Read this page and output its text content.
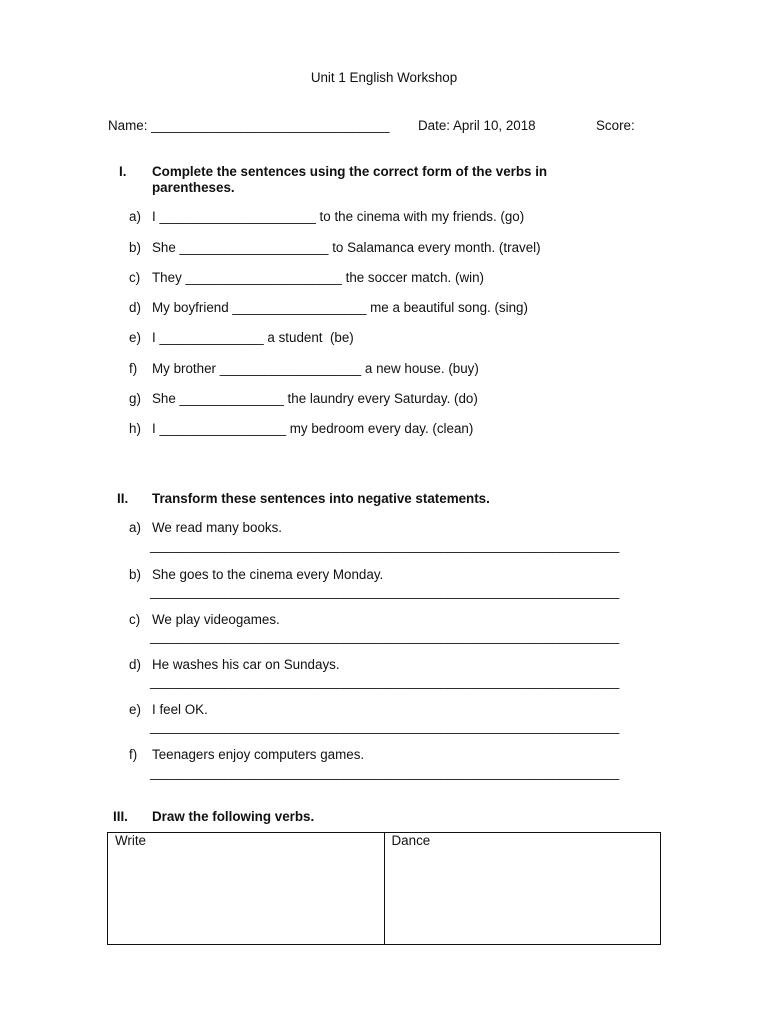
Unit 1 English Workshop
Name: ________________________________ Date: April 10, 2018	Score:
I. Complete the sentences using the correct form of the verbs in
parentheses.
a) I _____________________ to the cinema with my friends. (go)
b) She ____________________ to Salamanca every month. (travel)
c) They _____________________ the soccer match. (win)
d) My boyfriend __________________ me a beautiful song. (sing)
e) I ______________ a student  (be)
f) My brother ___________________ a new house. (buy)
g) She ______________ the laundry every Saturday. (do)
h) I _________________ my bedroom every day. (clean)
II. Transform these sentences into negative statements.
a) We read many books.
_______________________________________________________________
b) She goes to the cinema every Monday.
_______________________________________________________________
c) We play videogames.
_______________________________________________________________
d) He washes his car on Sundays.
_______________________________________________________________
e) I feel OK.
_______________________________________________________________
f) Teenagers enjoy computers games.
_______________________________________________________________
III. Draw the following verbs.
Write	Dance
